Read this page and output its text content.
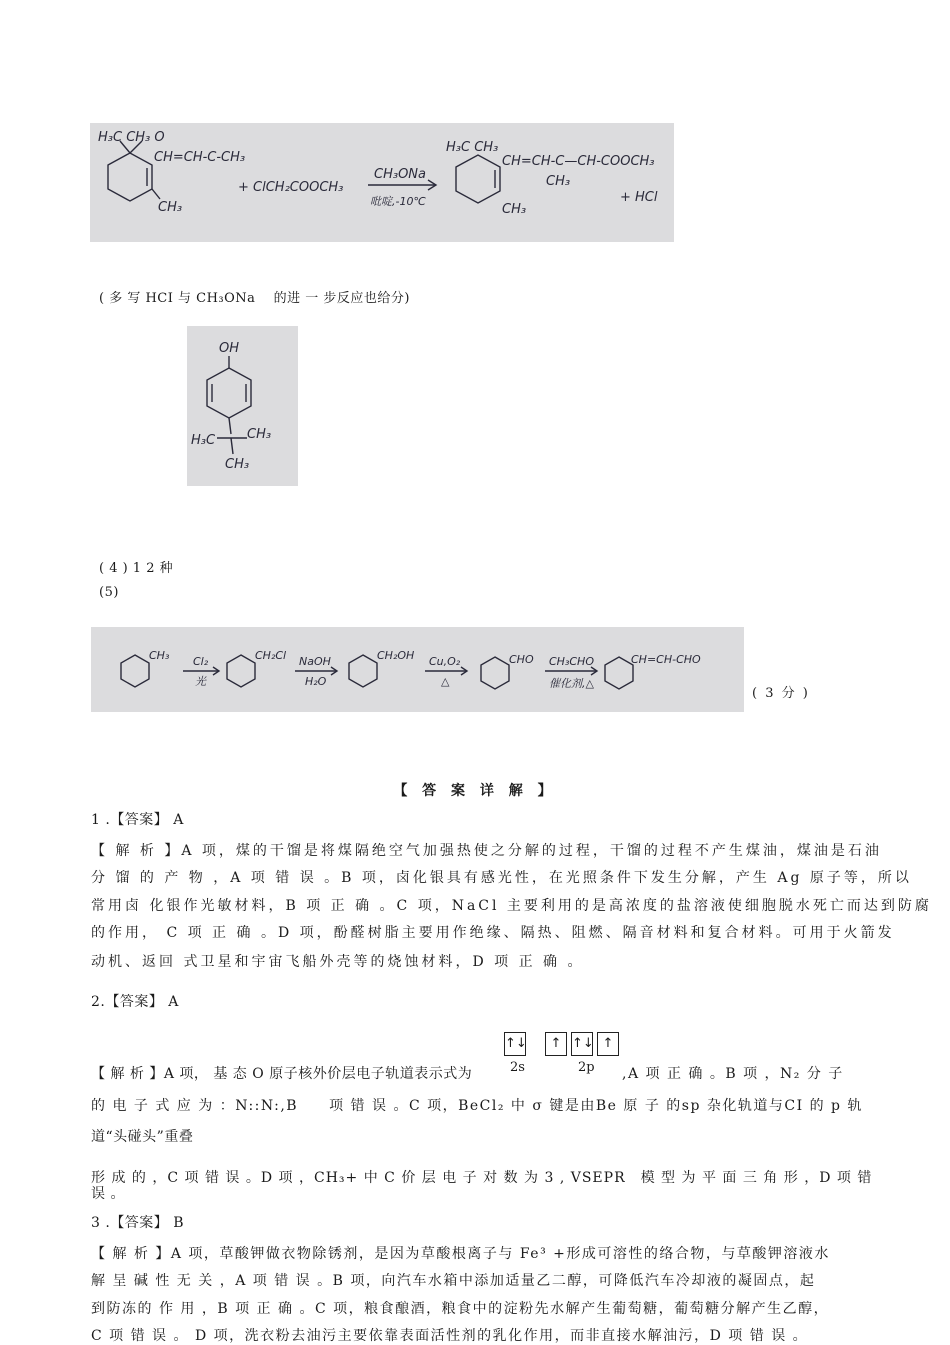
H₃C CH₃ O
CH=CH-C-CH₃
CH₃
+ ClCH₂COOCH₃
CH₃ONa
吡啶,-10℃
H₃C CH₃
CH=CH-C—CH-COOCH₃
CH₃
CH₃
+ HCl
( 多 写 HCI 与 CH₃ONa　 的进 一 步反应也给分)
OH
H₃C CH₃
CH₃
( 4 ) 1 2 种
(5)
CH₃ Cl₂
光
CH₂Cl NaOH
H₂O
CH₂OH Cu,O₂
△
CHO CH₃CHO
催化剂,△
CH=CH-CHO
( 3 分 )
【 答 案 详 解 】
1 .【答案】 A
【 解 析 】A 项，煤的干馏是将煤隔绝空气加强热使之分解的过程，干馏的过程不产生煤油，煤油是石油
分 馏 的 产 物 ，A 项 错 误 。B 项，卤化银具有感光性，在光照条件下发生分解，产生 Ag 原子等，所以
常用卤 化银作光敏材料，B 项 正 确 。C 项，NaCl 主要利用的是高浓度的盐溶液使细胞脱水死亡而达到防腐
的作用， C 项 正 确 。D 项，酚醛树脂主要用作绝缘、隔热、阻燃、隔音材料和复合材料。可用于火箭发
动机、返回 式卫星和宇宙飞船外壳等的烧蚀材料，D 项 正 确 。
2.【答案】 A
【 解 析 】A 项， 基 态 O 原子核外价层电子轨道表示式为
↑↓	↑ ↑↓ ↑
2s	2p ,A 项 正 确 。B 项 ，N₂ 分 子
的 电 子 式 应 为 ：N::N:,B　　项 错 误 。C 项，BeCl₂ 中 σ 键是由Be 原 子 的sp 杂化轨道与CI 的 p 轨
道“头碰头”重叠
形 成 的 ，C 项 错 误 。D 项 ，CH₃+ 中 C 价 层 电 子 对 数 为 3 , VSEPR　模 型 为 平 面 三 角 形 ，D 项 错
误 。
3 .【答案】 B
【 解 析 】A 项，草酸钾做衣物除锈剂，是因为草酸根离子与 Fe³ +形成可溶性的络合物，与草酸钾溶液水
解 呈 碱 性 无 关 ，A 项 错 误 。B 项，向汽车水箱中添加适量乙二醇，可降低汽车冷却液的凝固点，起
到防冻的 作 用 ，B 项 正 确 。C 项，粮食酿酒，粮食中的淀粉先水解产生葡萄糖，葡萄糖分解产生乙醇，
C 项 错 误 。 D 项，洗衣粉去油污主要依靠表面活性剂的乳化作用，而非直接水解油污，D 项 错 误 。
